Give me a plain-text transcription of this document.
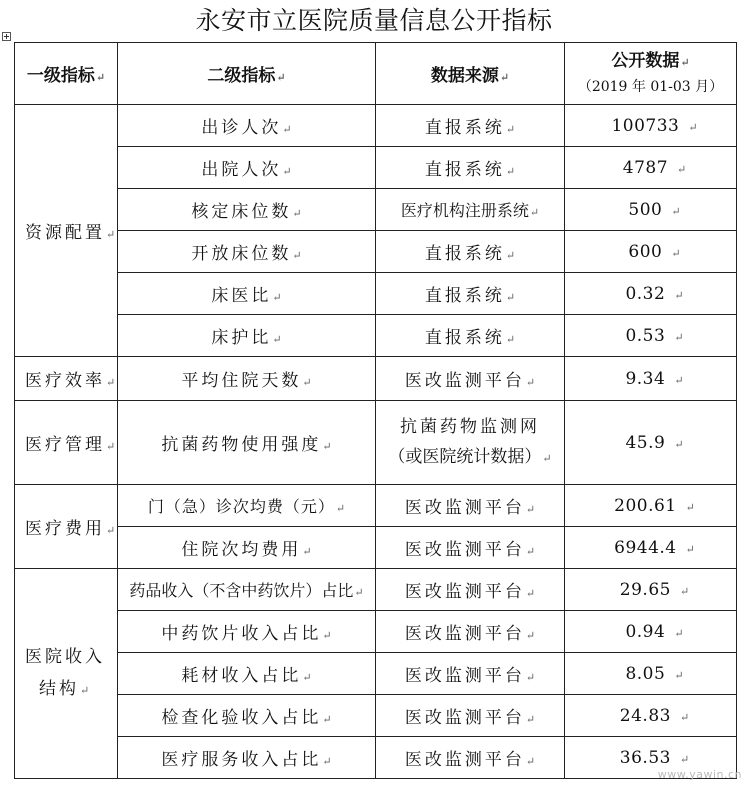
永安市立医院质量信息公开指标
一级指标↵	二级指标↵	数据来源↵	公开数据↵
（2019 年 01-03 月）

资源配置↵	出诊人次↵	直报系统↵	100733 ↵
	出院人次↵	直报系统↵	4787 ↵
	核定床位数↵	医疗机构注册系统↵	500 ↵
	开放床位数↵	直报系统↵	600 ↵
	床医比↵	直报系统↵	0.32 ↵
	床护比↵	直报系统↵	0.53 ↵
医疗效率↵	平均住院天数↵	医改监测平台↵	9.34 ↵
医疗管理↵	抗菌药物使用强度↵	抗菌药物监测网
（或医院统计数据）↵	45.9 ↵
医疗费用↵	门（急）诊次均费（元）↵	医改监测平台↵	200.61 ↵
	住院次均费用↵	医改监测平台↵	6944.4 ↵

医院收入
结构↵	药品收入（不含中药饮片）占比↵	医改监测平台↵	29.65 ↵
	中药饮片收入占比↵	医改监测平台↵	0.94 ↵
	耗材收入占比↵	医改监测平台↵	8.05 ↵
	检查化验收入占比↵	医改监测平台↵	24.83 ↵
	医疗服务收入占比↵	医改监测平台↵	36.53 ↵
www.yawin.cn
